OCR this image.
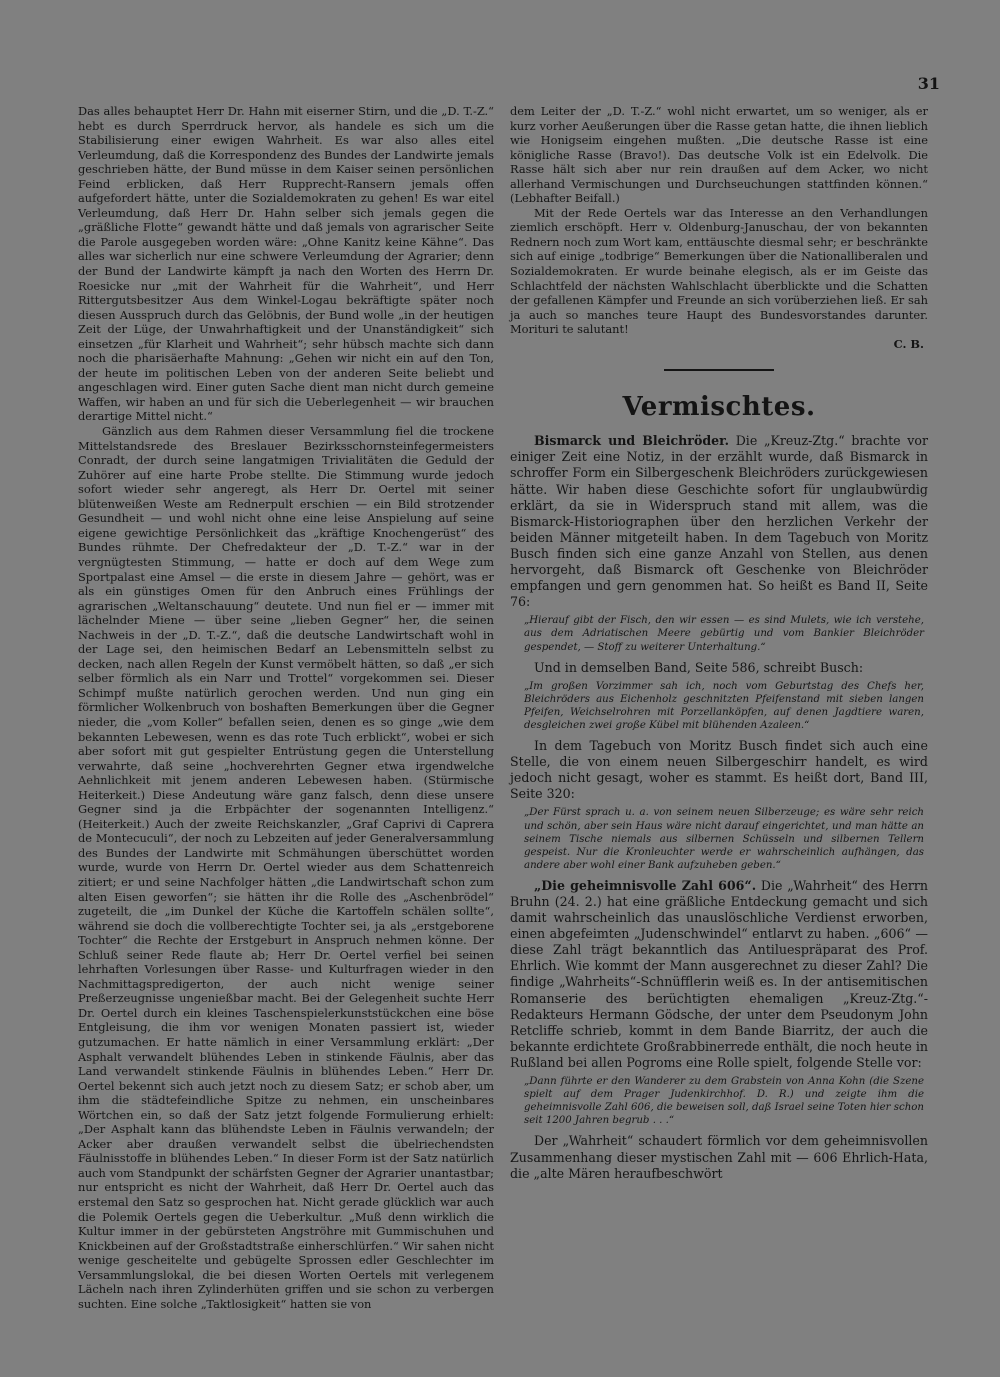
31

Das alles behauptet Herr Dr. Hahn mit eiserner Stirn, und die „D. T.-Z.“ hebt es durch Sperrdruck hervor, als handele es sich um die Stabilisierung einer ewigen Wahrheit. Es war also alles eitel Verleumdung, daß die Korrespondenz des Bundes der Landwirte jemals geschrieben hätte, der Bund müsse in dem Kaiser seinen persönlichen Feind erblicken, daß Herr Rupprecht-Ransern jemals offen aufgefordert hätte, unter die Sozialdemokraten zu gehen! Es war eitel Verleumdung, daß Herr Dr. Hahn selber sich jemals gegen die „gräßliche Flotte“ gewandt hätte und daß jemals von agrarischer Seite die Parole ausgegeben worden wäre: „Ohne Kanitz keine Kähne“. Das alles war sicherlich nur eine schwere Verleumdung der Agrarier; denn der Bund der Landwirte kämpft ja nach den Worten des Herrn Dr. Roesicke nur „mit der Wahrheit für die Wahrheit“, und Herr Rittergutsbesitzer Aus dem Winkel-Logau bekräftigte später noch diesen Ausspruch durch das Gelöbnis, der Bund wolle „in der heutigen Zeit der Lüge, der Unwahrhaftigkeit und der Unanständigkeit“ sich einsetzen „für Klarheit und Wahrheit“; sehr hübsch machte sich dann noch die pharisäerhafte Mahnung: „Gehen wir nicht ein auf den Ton, der heute im politischen Leben von der anderen Seite beliebt und angeschlagen wird. Einer guten Sache dient man nicht durch gemeine Waffen, wir haben an und für sich die Ueberlegenheit — wir brauchen derartige Mittel nicht.“

Gänzlich aus dem Rahmen dieser Versammlung fiel die trockene Mittelstandsrede des Breslauer Bezirksschornsteinfegermeisters Conradt, der durch seine langatmigen Trivialitäten die Geduld der Zuhörer auf eine harte Probe stellte. Die Stimmung wurde jedoch sofort wieder sehr angeregt, als Herr Dr. Oertel mit seiner blütenweißen Weste am Rednerpult erschien — ein Bild strotzender Gesundheit — und wohl nicht ohne eine leise Anspielung auf seine eigene gewichtige Persönlichkeit das „kräftige Knochengerüst“ des Bundes rühmte. Der Chefredakteur der „D. T.-Z.“ war in der vergnügtesten Stimmung, — hatte er doch auf dem Wege zum Sportpalast eine Amsel — die erste in diesem Jahre — gehört, was er als ein günstiges Omen für den Anbruch eines Frühlings der agrarischen „Weltanschauung“ deutete. Und nun fiel er — immer mit lächelnder Miene — über seine „lieben Gegner“ her, die seinen Nachweis in der „D. T.-Z.“, daß die deutsche Landwirtschaft wohl in der Lage sei, den heimischen Bedarf an Lebensmitteln selbst zu decken, nach allen Regeln der Kunst vermöbelt hätten, so daß „er sich selber förmlich als ein Narr und Trottel“ vorgekommen sei. Dieser Schimpf mußte natürlich gerochen werden. Und nun ging ein förmlicher Wolkenbruch von boshaften Bemerkungen über die Gegner nieder, die „vom Koller“ befallen seien, denen es so ginge „wie dem bekannten Lebewesen, wenn es das rote Tuch erblickt“, wobei er sich aber sofort mit gut gespielter Entrüstung gegen die Unterstellung verwahrte, daß seine „hochverehrten Gegner etwa irgendwelche Aehnlichkeit mit jenem anderen Lebewesen haben. (Stürmische Heiterkeit.) Diese Andeutung wäre ganz falsch, denn diese unsere Gegner sind ja die Erbpächter der sogenannten Intelligenz.“ (Heiterkeit.) Auch der zweite Reichskanzler, „Graf Caprivi di Caprera de Montecuculi“, der noch zu Lebzeiten auf jeder Generalversammlung des Bundes der Landwirte mit Schmähungen überschüttet worden wurde, wurde von Herrn Dr. Oertel wieder aus dem Schattenreich zitiert; er und seine Nachfolger hätten „die Landwirtschaft schon zum alten Eisen geworfen“; sie hätten ihr die Rolle des „Aschenbrödel“ zugeteilt, die „im Dunkel der Küche die Kartoffeln schälen sollte“, während sie doch die vollberechtigte Tochter sei, ja als „erstgeborene Tochter“ die Rechte der Erstgeburt in Anspruch nehmen könne. Der Schluß seiner Rede flaute ab; Herr Dr. Oertel verfiel bei seinen lehrhaften Vorlesungen über Rasse- und Kulturfragen wieder in den Nachmittagspredigerton, der auch nicht wenige seiner Preßerzeugnisse ungenießbar macht. Bei der Gelegenheit suchte Herr Dr. Oertel durch ein kleines Taschenspielerkunststückchen eine böse Entgleisung, die ihm vor wenigen Monaten passiert ist, wieder gutzumachen. Er hatte nämlich in einer Versammlung erklärt: „Der Asphalt verwandelt blühendes Leben in stinkende Fäulnis, aber das Land verwandelt stinkende Fäulnis in blühendes Leben.“ Herr Dr. Oertel bekennt sich auch jetzt noch zu diesem Satz; er schob aber, um ihm die städtefeindliche Spitze zu nehmen, ein unscheinbares Wörtchen ein, so daß der Satz jetzt folgende Formulierung erhielt: „Der Asphalt kann das blühendste Leben in Fäulnis verwandeln; der Acker aber draußen verwandelt selbst die übelriechendsten Fäulnisstoffe in blühendes Leben.“ In dieser Form ist der Satz natürlich auch vom Standpunkt der schärfsten Gegner der Agrarier unantastbar; nur entspricht es nicht der Wahrheit, daß Herr Dr. Oertel auch das erstemal den Satz so gesprochen hat. Nicht gerade glücklich war auch die Polemik Oertels gegen die Ueberkultur. „Muß denn wirklich die Kultur immer in der gebürsteten Angströhre mit Gummischuhen und Knickbeinen auf der Großstadtstraße einherschlürfen.“ Wir sahen nicht wenige gescheitelte und gebügelte Sprossen edler Geschlechter im Versammlungslokal, die bei diesen Worten Oertels mit verlegenem Lächeln nach ihren Zylinderhüten griffen und sie schon zu verbergen suchten. Eine solche „Taktlosigkeit“ hatten sie von

dem Leiter der „D. T.-Z.“ wohl nicht erwartet, um so weniger, als er kurz vorher Aeußerungen über die Rasse getan hatte, die ihnen lieblich wie Honigseim eingehen mußten. „Die deutsche Rasse ist eine königliche Rasse (Bravo!). Das deutsche Volk ist ein Edelvolk. Die Rasse hält sich aber nur rein draußen auf dem Acker, wo nicht allerhand Vermischungen und Durchseuchungen stattfinden können.“ (Lebhafter Beifall.)

Mit der Rede Oertels war das Interesse an den Verhandlungen ziemlich erschöpft. Herr v. Oldenburg-Januschau, der von bekannten Rednern noch zum Wort kam, enttäuschte diesmal sehr; er beschränkte sich auf einige „todbrige“ Bemerkungen über die Nationalliberalen und Sozialdemokraten. Er wurde beinahe elegisch, als er im Geiste das Schlachtfeld der nächsten Wahlschlacht überblickte und die Schatten der gefallenen Kämpfer und Freunde an sich vorüberziehen ließ. Er sah ja auch so manches teure Haupt des Bundesvorstandes darunter. Morituri te salutant!

C. B.

Vermischtes.

Bismarck und Bleichröder. Die „Kreuz-Ztg.“ brachte vor einiger Zeit eine Notiz, in der erzählt wurde, daß Bismarck in schroffer Form ein Silbergeschenk Bleichröders zurückgewiesen hätte. Wir haben diese Geschichte sofort für unglaubwürdig erklärt, da sie in Widerspruch stand mit allem, was die Bismarck-Historiographen über den herzlichen Verkehr der beiden Männer mitgeteilt haben. In dem Tagebuch von Moritz Busch finden sich eine ganze Anzahl von Stellen, aus denen hervorgeht, daß Bismarck oft Geschenke von Bleichröder empfangen und gern genommen hat. So heißt es Band II, Seite 76:

„Hierauf gibt der Fisch, den wir essen — es sind Mulets, wie ich verstehe, aus dem Adriatischen Meere gebürtig und vom Bankier Bleichröder gespendet, — Stoff zu weiterer Unterhaltung.“

Und in demselben Band, Seite 586, schreibt Busch:

„Im großen Vorzimmer sah ich, noch vom Geburtstag des Chefs her, Bleichröders aus Eichenholz geschnitzten Pfeifenstand mit sieben langen Pfeifen, Weichselrohren mit Porzellanköpfen, auf denen Jagdtiere waren, desgleichen zwei große Kübel mit blühenden Azaleen.“

In dem Tagebuch von Moritz Busch findet sich auch eine Stelle, die von einem neuen Silbergeschirr handelt, es wird jedoch nicht gesagt, woher es stammt. Es heißt dort, Band III, Seite 320:

„Der Fürst sprach u. a. von seinem neuen Silberzeuge; es wäre sehr reich und schön, aber sein Haus wäre nicht darauf eingerichtet, und man hätte an seinem Tische niemals aus silbernen Schüsseln und silbernen Tellern gespeist. Nur die Kronleuchter werde er wahrscheinlich aufhängen, das andere aber wohl einer Bank aufzuheben geben.“

„Die geheimnisvolle Zahl 606“. Die „Wahrheit“ des Herrn Bruhn (24. 2.) hat eine gräßliche Entdeckung gemacht und sich damit wahrscheinlich das unauslöschliche Verdienst erworben, einen abgefeimten „Judenschwindel“ entlarvt zu haben. „606“ — diese Zahl trägt bekanntlich das Antiluespräparat des Prof. Ehrlich. Wie kommt der Mann ausgerechnet zu dieser Zahl? Die findige „Wahrheits“-Schnüfflerin weiß es. In der antisemitischen Romanserie des berüchtigten ehemaligen „Kreuz-Ztg.“-Redakteurs Hermann Gödsche, der unter dem Pseudonym John Retcliffe schrieb, kommt in dem Bande Biarritz, der auch die bekannte erdichtete Großrabbinerrede enthält, die noch heute in Rußland bei allen Pogroms eine Rolle spielt, folgende Stelle vor:

„Dann führte er den Wanderer zu dem Grabstein von Anna Kohn (die Szene spielt auf dem Prager Judenkirchhof. D. R.) und zeigte ihm die geheimnisvolle Zahl 606, die beweisen soll, daß Israel seine Toten hier schon seit 1200 Jahren begrub . . .“

Der „Wahrheit“ schaudert förmlich vor dem geheimnisvollen Zusammenhang dieser mystischen Zahl mit — 606 Ehrlich-Hata, die „alte Mären heraufbeschwört
